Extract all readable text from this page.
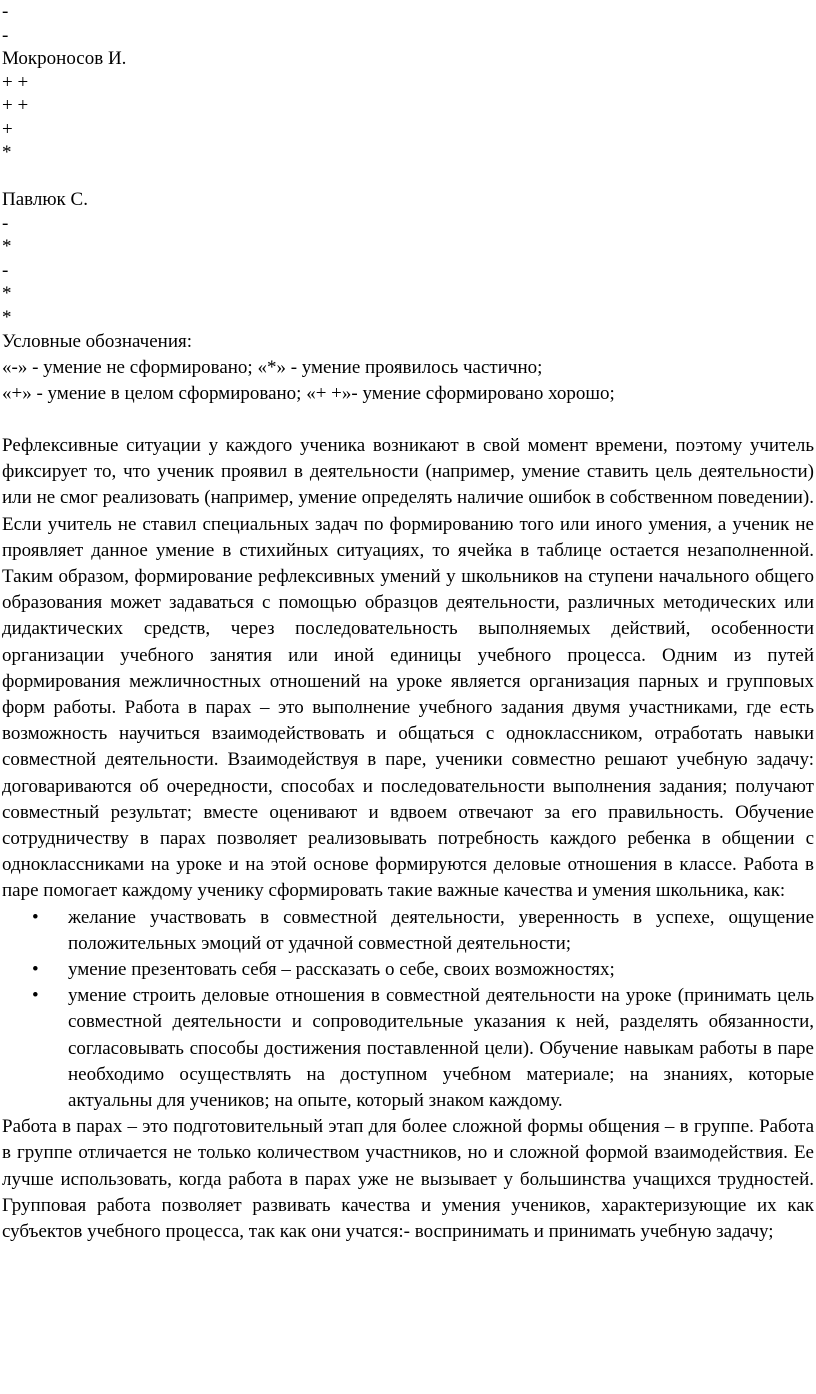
-
-
Мокроносов И.
+ +
+ +
+
*
Павлюк С.
-
*
-
*
*
Условные обозначения:
«-» - умение не сформировано; «*» - умение проявилось частично;
«+» - умение в целом сформировано; «+ +»- умение сформировано хорошо;

Рефлексивные ситуации у каждого ученика возникают в свой момент времени, поэтому учитель фиксирует то, что ученик проявил в деятельности (например, умение ставить цель деятельности) или не смог реализовать (например, умение определять наличие ошибок в собственном поведении). Если учитель не ставил специальных задач по формированию того или иного умения, а ученик не проявляет данное умение в стихийных ситуациях, то ячейка в таблице остается незаполненной. Таким образом, формирование рефлексивных умений у школьников на ступени начального общего образования может задаваться с помощью образцов деятельности, различных методических или дидактических средств, через последовательность выполняемых действий, особенности организации учебного занятия или иной единицы учебного процесса. Одним из путей формирования межличностных отношений на уроке является организация парных и групповых форм работы. Работа в парах – это выполнение учебного задания двумя участниками, где есть возможность научиться взаимодействовать и общаться с одноклассником, отработать навыки совместной деятельности. Взаимодействуя в паре, ученики совместно решают учебную задачу: договариваются об очередности, способах и последовательности выполнения задания; получают совместный результат; вместе оценивают и вдвоем отвечают за его правильность. Обучение сотрудничеству в парах позволяет реализовывать потребность каждого ребенка в общении с одноклассниками на уроке и на этой основе формируются деловые отношения в классе. Работа в паре помогает каждому ученику сформировать такие важные качества и умения школьника, как:

• желание участвовать в совместной деятельности, уверенность в успехе, ощущение положительных эмоций от удачной совместной деятельности;
• умение презентовать себя – рассказать о себе, своих возможностях;
• умение строить деловые отношения в совместной деятельности на уроке (принимать цель совместной деятельности и сопроводительные указания к ней, разделять обязанности, согласовывать способы достижения поставленной цели). Обучение навыкам работы в паре необходимо осуществлять на доступном учебном материале; на знаниях, которые актуальны для учеников; на опыте, который знаком каждому.

Работа в парах – это подготовительный этап для более сложной формы общения – в группе. Работа в группе отличается не только количеством участников, но и сложной формой взаимодействия. Ее лучше использовать, когда работа в парах уже не вызывает у большинства учащихся трудностей. Групповая работа позволяет развивать качества и умения учеников, характеризующие их как субъектов учебного процесса, так как они учатся:- воспринимать и принимать учебную задачу;
